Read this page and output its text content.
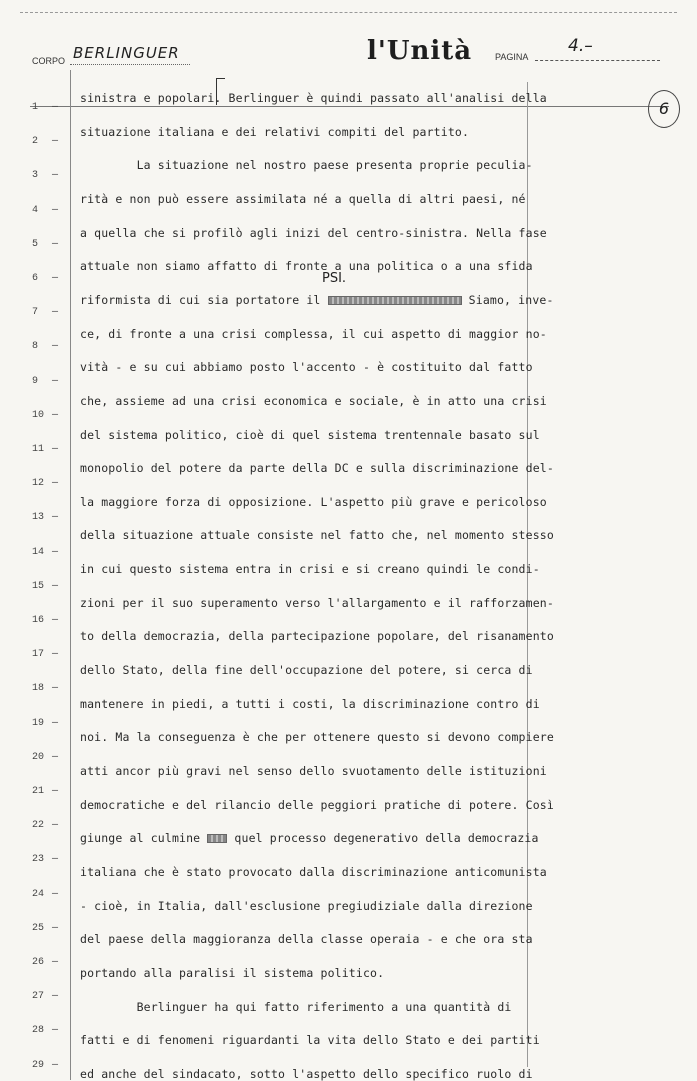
CORPO BERLINGUER	l'Unità	PAGINA
4.–
6
1 —
2 —
3 —
4 —
5 —
6 —
7 —
8 —
9 —
10 —
11 —
12 —
13 —
14 —
15 —
16 —
17 —
18 —
19 —
20 —
21 —
22 —
23 —
24 —
25 —
26 —
27 —
28 —
29 —
sinistra e popolari. Berlinguer è quindi passato all'analisi della
situazione italiana e dei relativi compiti del partito.
La situazione nel nostro paese presenta proprie peculia-
rità e non può essere assimilata né a quella di altri paesi, né
a quella che si profilò agli inizi del centro-sinistra. Nella fase
attuale non siamo affatto di fronte a una politica o a una sfida
riformista di cui sia portatore il	Siamo, inve-
ce, di fronte a una crisi complessa, il cui aspetto di maggior no-
vità - e su cui abbiamo posto l'accento - è costituito dal fatto
che, assieme ad una crisi economica e sociale, è in atto una crisi
del sistema politico, cioè di quel sistema trentennale basato sul
monopolio del potere da parte della DC e sulla discriminazione del-
la maggiore forza di opposizione. L'aspetto più grave e pericoloso
della situazione attuale consiste nel fatto che, nel momento stesso
in cui questo sistema entra in crisi e si creano quindi le condi-
zioni per il suo superamento verso l'allargamento e il rafforzamen-
to della democrazia, della partecipazione popolare, del risanamento
dello Stato, della fine dell'occupazione del potere, si cerca di
mantenere in piedi, a tutti i costi, la discriminazione contro di
noi. Ma la conseguenza è che per ottenere questo si devono compiere
atti ancor più gravi nel senso dello svuotamento delle istituzioni
democratiche e del rilancio delle peggiori pratiche di potere. Così
giunge al culmine  quel processo degenerativo della democrazia
italiana che è stato provocato dalla discriminazione anticomunista
- cioè, in Italia, dall'esclusione pregiudiziale dalla direzione
del paese della maggioranza della classe operaia - e che ora sta
portando alla paralisi il sistema politico.
Berlinguer ha qui fatto riferimento a una quantità di
fatti e di fenomeni riguardanti la vita dello Stato e dei partiti
ed anche del sindacato, sotto l'aspetto dello specifico ruolo di
PSI.
